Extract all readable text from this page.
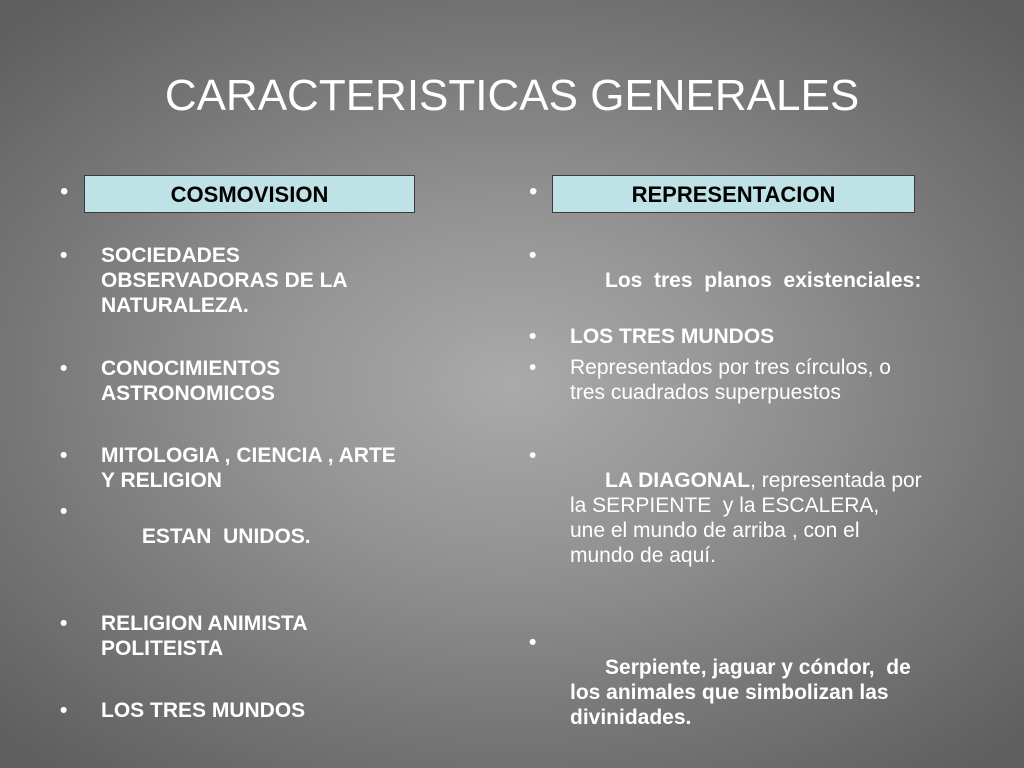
CARACTERISTICAS GENERALES
•	COSMOVISION
• SOCIEDADES
OBSERVADORAS DE LA
NATURALEZA.
• CONOCIMIENTOS
ASTRONOMICOS
• MITOLOGIA , CIENCIA , ARTE
Y RELIGION

•
ESTAN  UNIDOS.

• RELIGION ANIMISTA
POLITEISTA
• LOS TRES MUNDOS
•	REPRESENTACION

•
Los  tres  planos  existenciales:

• LOS TRES MUNDOS
• Representados por tres círculos, o
tres cuadrados superpuestos

•
LA DIAGONAL, representada por
la SERPIENTE  y la ESCALERA,
une el mundo de arriba , con el
mundo de aquí.

•
Serpiente, jaguar y cóndor,  de
los animales que simbolizan las
divinidades.
